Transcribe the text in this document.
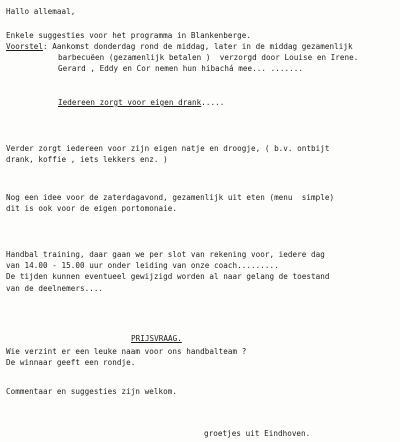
Hallo allemaal,
Enkele suggesties voor het programma in Blankenberge.
Voorstel: Aankomst donderdag rond de middag, later in de middag gezamenlijk
barbecuëen (gezamenlijk betalen )  verzorgd door Louise en Irene.
Gerard , Eddy en Cor nemen hun hibachá mee... .......
Iedereen zorgt voor eigen drank.....
Verder zorgt iedereen voor zijn eigen natje en droogje, ( b.v. ontbijt
drank, koffie , iets lekkers enz. )
Nog een idee voor de zaterdagavond, gezamenlijk uit eten (menu  simple)
dit is ook voor de eigen portomonaie.
Handbal training, daar gaan we per slot van rekening voor, iedere dag
van 14.00 - 15.00 uur onder leiding van onze coach.........
De tijden kunnen eventueel gewijzigd worden al naar gelang de toestand
van de deelnemers....
PRIJSVRAAG.
Wie verzint er een leuke naam voor ons handbalteam ?
De winnaar geeft een rondje.
Commentaar en suggesties zijn welkom.
groetjes uit Eindhoven.
